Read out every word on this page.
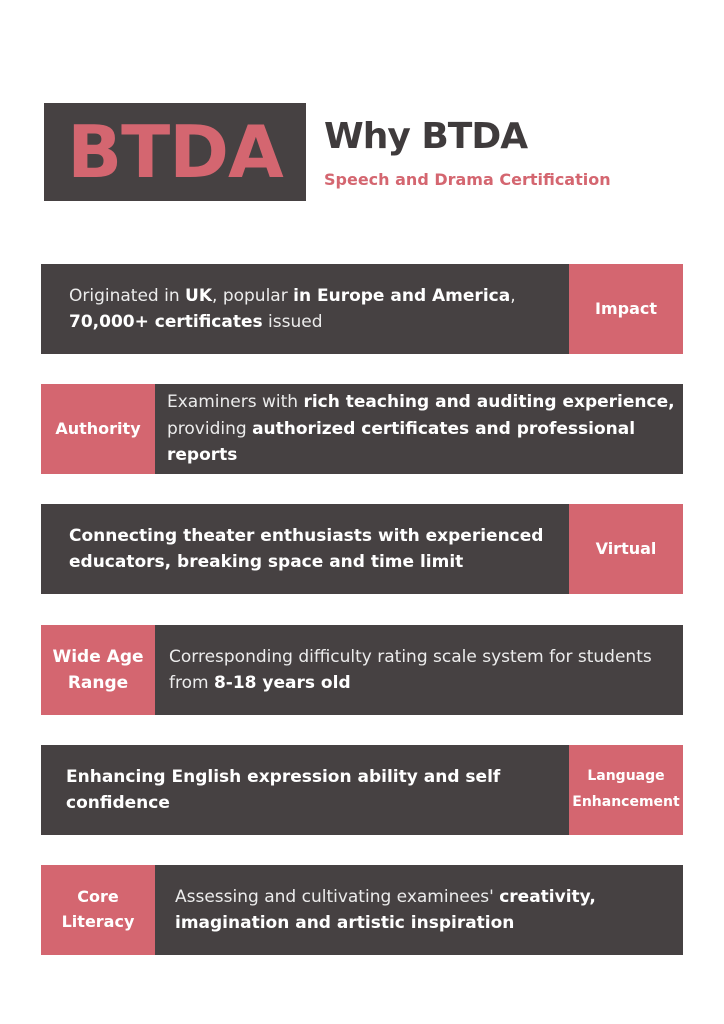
BTDA Why BTDA
Speech and Drama Certification
Originated in UK, popular in Europe and America,
70,000+ certificates issued
Impact
Authority
Examiners with rich teaching and auditing experience,
providing authorized certificates and professional
reports
Connecting theater enthusiasts with experienced
educators, breaking space and time limit
Virtual
Wide Age
Range
Corresponding difficulty rating scale system for students
from 8-18 years old
Enhancing English expression ability and self
confidence
Language
Enhancement
Core
Literacy
Assessing and cultivating examinees' creativity,
imagination and artistic inspiration
